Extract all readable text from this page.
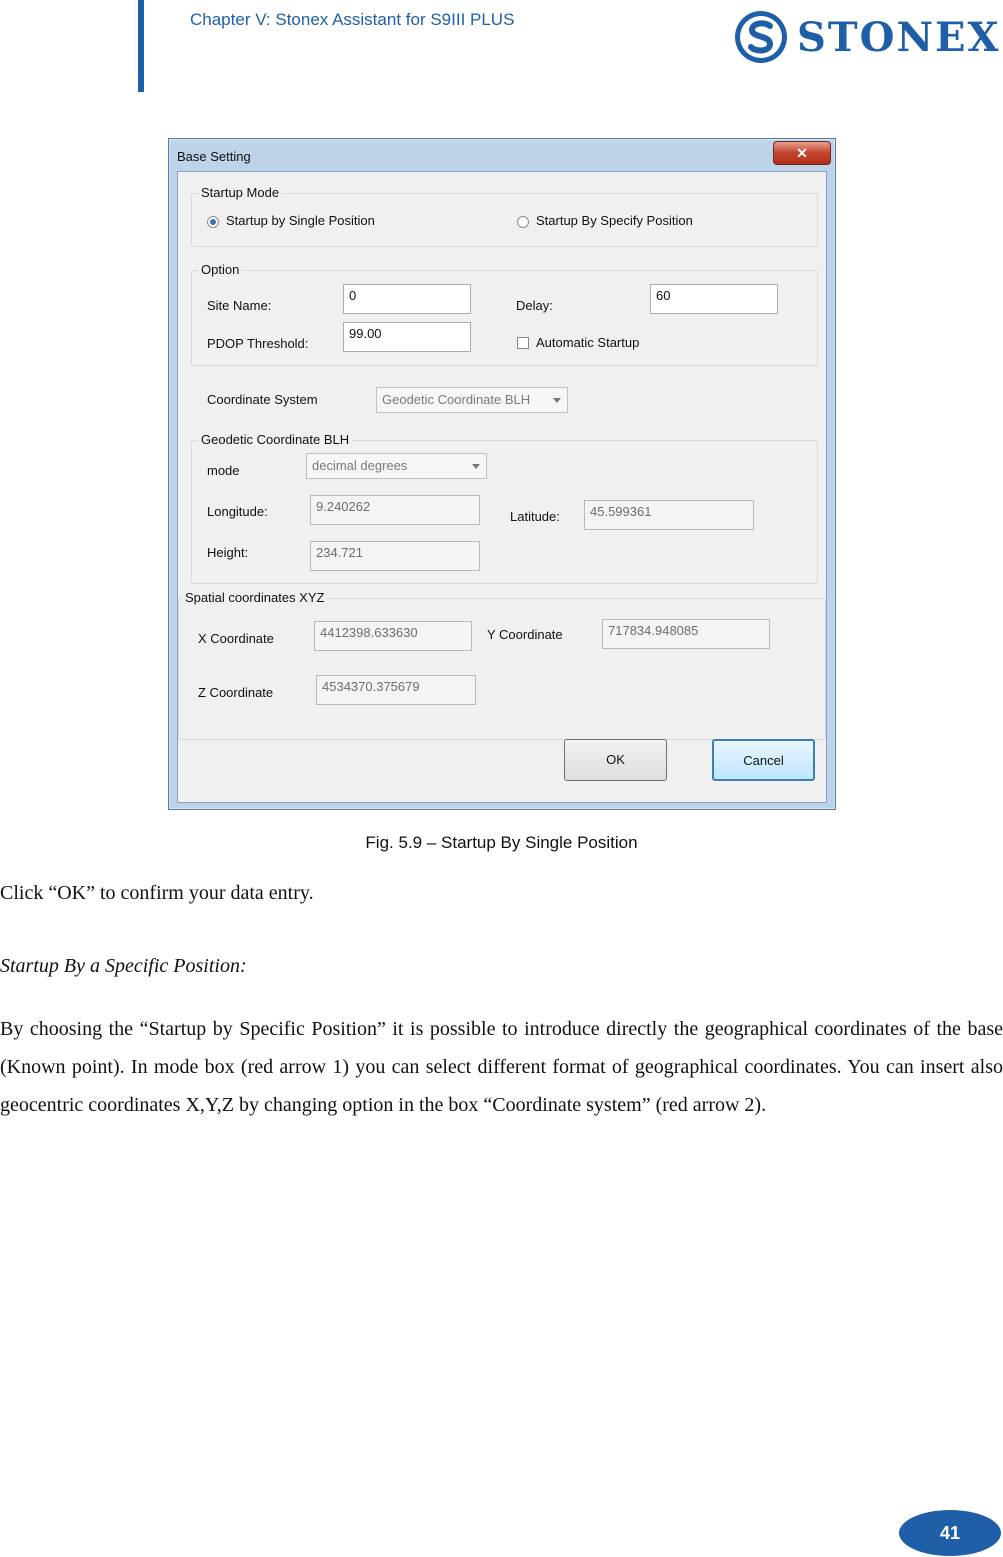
Chapter V: Stonex Assistant for S9III PLUS	STONEX
Base Setting	✕
Startup Mode
Startup by Single Position	Startup By Specify Position
Option
Site Name:
0
Delay:
60
PDOP Threshold:
99.00
Automatic Startup
Coordinate System	Geodetic Coordinate BLH
Geodetic Coordinate BLH
mode	decimal degrees
Longitude:	9.240262
Latitude:	45.599361
Height:	234.721
Spatial coordinates XYZ
X Coordinate	4412398.633630	Y Coordinate	717834.948085
Z Coordinate	4534370.375679
OK	Cancel
Fig. 5.9 – Startup By Single Position
Click “OK” to confirm your data entry.
Startup By a Specific Position:
By choosing the “Startup by Specific Position” it is possible to introduce directly the geographical coordinates of the base (Known point). In mode box (red arrow 1) you can select different format of geographical coordinates. You can insert also geocentric coordinates X,Y,Z by changing option in the box “Coordinate system” (red arrow 2).
41
